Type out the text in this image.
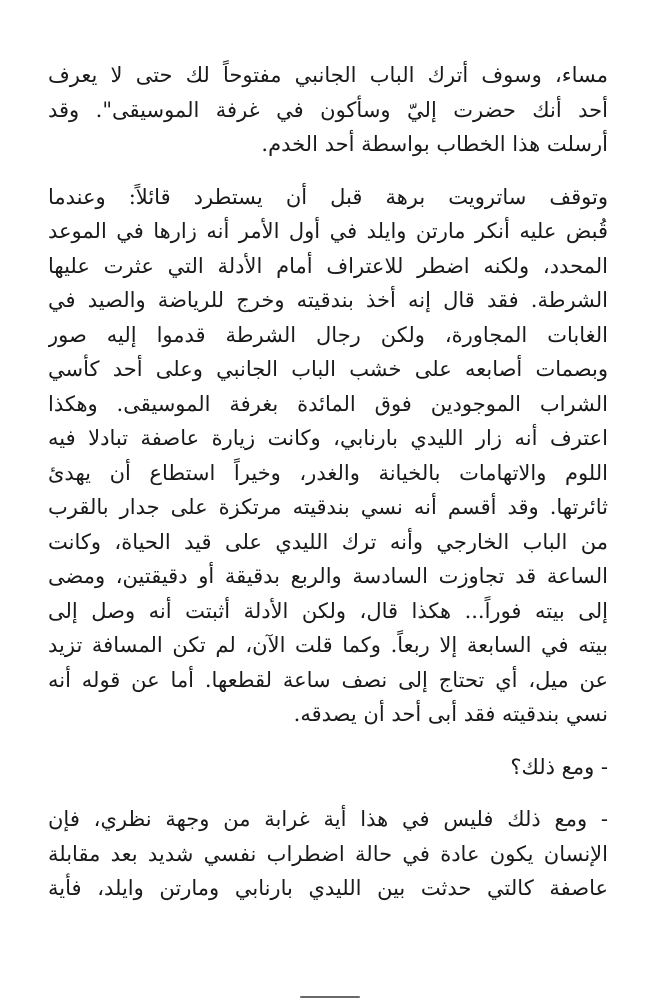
مساء، وسوف أترك الباب الجانبي مفتوحاً لك حتى لا يعرف
أحد أنك حضرت إليّ وسأكون في غرفة الموسيقى". وقد
أرسلت هذا الخطاب بواسطة أحد الخدم.
وتوقف ساترويت برهة قبل أن يستطرد قائلاً: وعندما
قُبض عليه أنكر مارتن وايلد في أول الأمر أنه زارها في الموعد
المحدد، ولكنه اضطر للاعتراف أمام الأدلة التي عثرت عليها
الشرطة. فقد قال إنه أخذ بندقيته وخرج للرياضة والصيد في
الغابات المجاورة، ولكن رجال الشرطة قدموا إليه صور
وبصمات أصابعه على خشب الباب الجانبي وعلى أحد كأسي
الشراب الموجودين فوق المائدة بغرفة الموسيقى. وهكذا
اعترف أنه زار الليدي بارنابي، وكانت زيارة عاصفة تبادلا فيه
اللوم والاتهامات بالخيانة والغدر، وخيراً استطاع أن يهدئ
ثائرتها. وقد أقسم أنه نسي بندقيته مرتكزة على جدار بالقرب
من الباب الخارجي وأنه ترك الليدي على قيد الحياة، وكانت
الساعة قد تجاوزت السادسة والربع بدقيقة أو دقيقتين، ومضى
إلى بيته فوراً... هكذا قال، ولكن الأدلة أثبتت أنه وصل إلى
بيته في السابعة إلا ربعاً. وكما قلت الآن، لم تكن المسافة تزيد
عن ميل، أي تحتاج إلى نصف ساعة لقطعها. أما عن قوله أنه
نسي بندقيته فقد أبى أحد أن يصدقه.
- ومع ذلك؟
- ومع ذلك فليس في هذا أية غرابة من وجهة نظري، فإن
الإنسان يكون عادة في حالة اضطراب نفسي شديد بعد مقابلة
عاصفة كالتي حدثت بين الليدي بارنابي ومارتن وايلد، فأية
